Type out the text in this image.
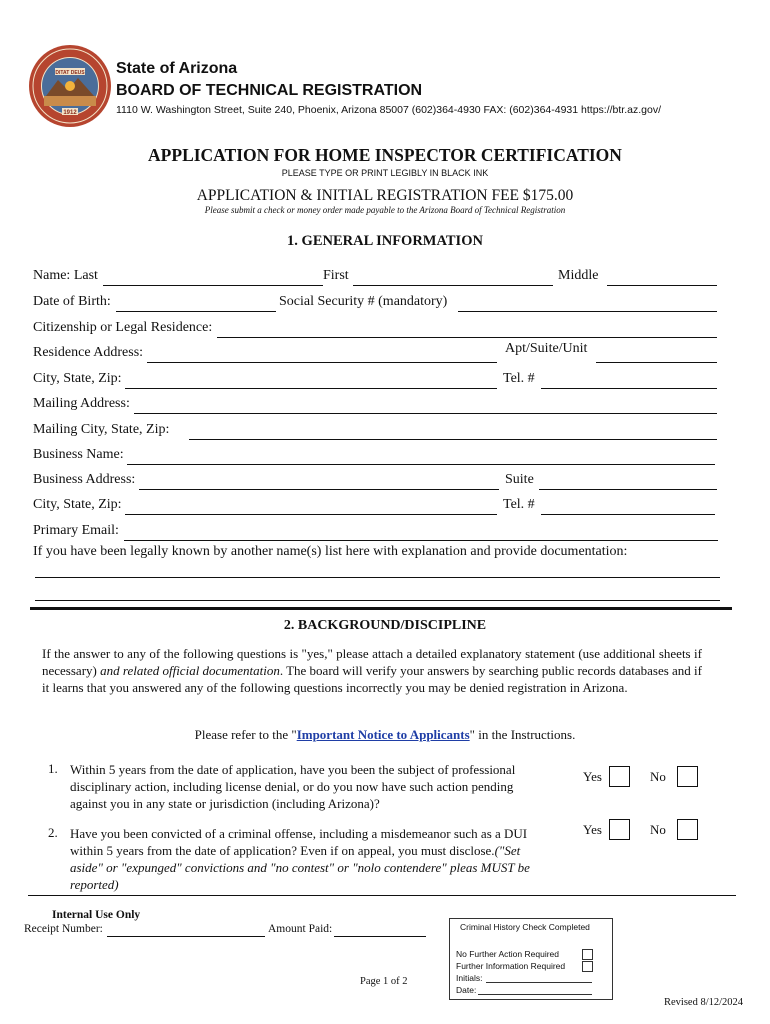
DITAT DEUS
1912
State of Arizona
BOARD OF TECHNICAL REGISTRATION
1110 W. Washington Street, Suite 240, Phoenix, Arizona 85007 (602)364-4930 FAX: (602)364-4931 https://btr.az.gov/
APPLICATION FOR HOME INSPECTOR CERTIFICATION
PLEASE TYPE OR PRINT LEGIBLY IN BLACK INK
APPLICATION & INITIAL REGISTRATION FEE $175.00
Please submit a check or money order made payable to the Arizona Board of Technical Registration
1. GENERAL INFORMATION
Name: Last	First	Middle
Date of Birth:	Social Security # (mandatory)
Citizenship or Legal Residence:
Residence Address:	Apt/Suite/Unit
City, State, Zip:	Tel. #
Mailing Address:
Mailing City, State, Zip:
Business Name:
Business Address:	Suite
City, State, Zip:	Tel. #
Primary Email:
If you have been legally known by another name(s) list here with explanation and provide documentation:
2. BACKGROUND/DISCIPLINE
If the answer to any of the following questions is "yes," please attach a detailed explanatory statement (use additional sheets if necessary) and related official documentation. The board will verify your answers by searching public records databases and if it learns that you answered any of the following questions incorrectly you may be denied registration in Arizona.
Please refer to the "Important Notice to Applicants" in the Instructions.
1. Within 5 years from the date of application, have you been the subject of professional disciplinary action, including license denial, or do you now have such action pending against you in any state or jurisdiction (including Arizona)?
Yes	No
2. Have you been convicted of a criminal offense, including a misdemeanor such as a DUI within 5 years from the date of application? Even if on appeal, you must disclose.("Set aside" or "expunged" convictions and "no contest" or "nolo contendere" pleas MUST be reported)
Yes	No
Internal Use Only
Receipt Number:	Amount Paid:	Criminal History Check Completed
No Further Action Required
Further Information Required
Initials:
Date:
Page 1 of 2
Revised 8/12/2024
